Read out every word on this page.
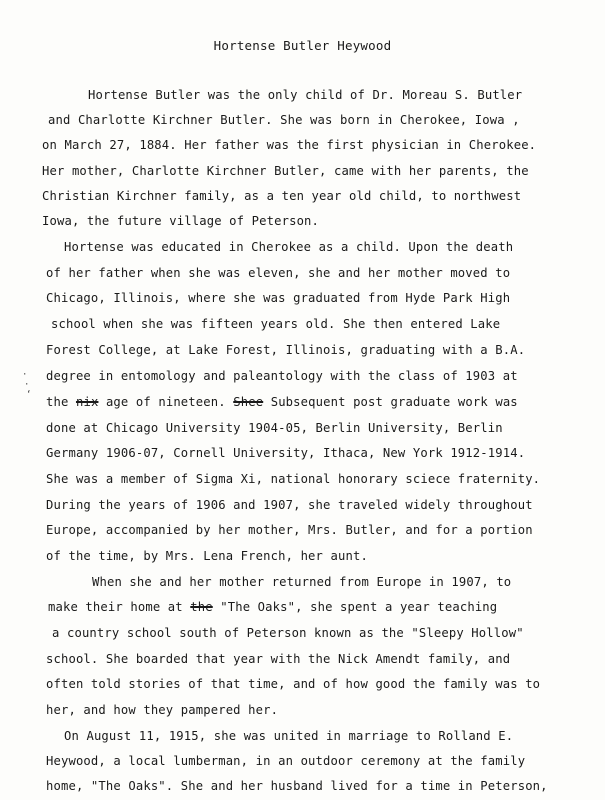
Hortense Butler Heywood
Hortense Butler was the only child of Dr. Moreau S. Butler
and Charlotte Kirchner Butler. She was born in Cherokee, Iowa ,
on March 27, 1884. Her father was the first physician in Cherokee.
Her mother, Charlotte Kirchner Butler, came with her parents, the
Christian Kirchner family, as a ten year old child, to northwest
Iowa, the future village of Peterson.
Hortense was educated in Cherokee as a child. Upon the death
of her father when she was eleven, she and her mother moved to
Chicago, Illinois, where she was graduated from Hyde Park High
school when she was fifteen years old. She then entered Lake
Forest College, at Lake Forest, Illinois, graduating with a B.A.
degree in entomology and paleantology with the class of 1903 at
the nix age of nineteen. Shee Subsequent post graduate work was
done at Chicago University 1904-05, Berlin University, Berlin
Germany 1906-07, Cornell University, Ithaca, New York 1912-1914.
She was a member of Sigma Xi, national honorary sciece fraternity.
During the years of 1906 and 1907, she traveled widely throughout
Europe, accompanied by her mother, Mrs. Butler, and for a portion
of the time, by Mrs. Lena French, her aunt.
When she and her mother returned from Europe in 1907, to
make their home at the "The Oaks", she spent a year teaching
a country school south of Peterson known as the "Sleepy Hollow"
school. She boarded that year with the Nick Amendt family, and
often told stories of that time, and of how good the family was to
her, and how they pampered her.
On August 11, 1915, she was united in marriage to Rolland E.
Heywood, a local lumberman, in an outdoor ceremony at the family
home, "The Oaks". She and her husband lived for a time in Peterson,
·
·
‘
